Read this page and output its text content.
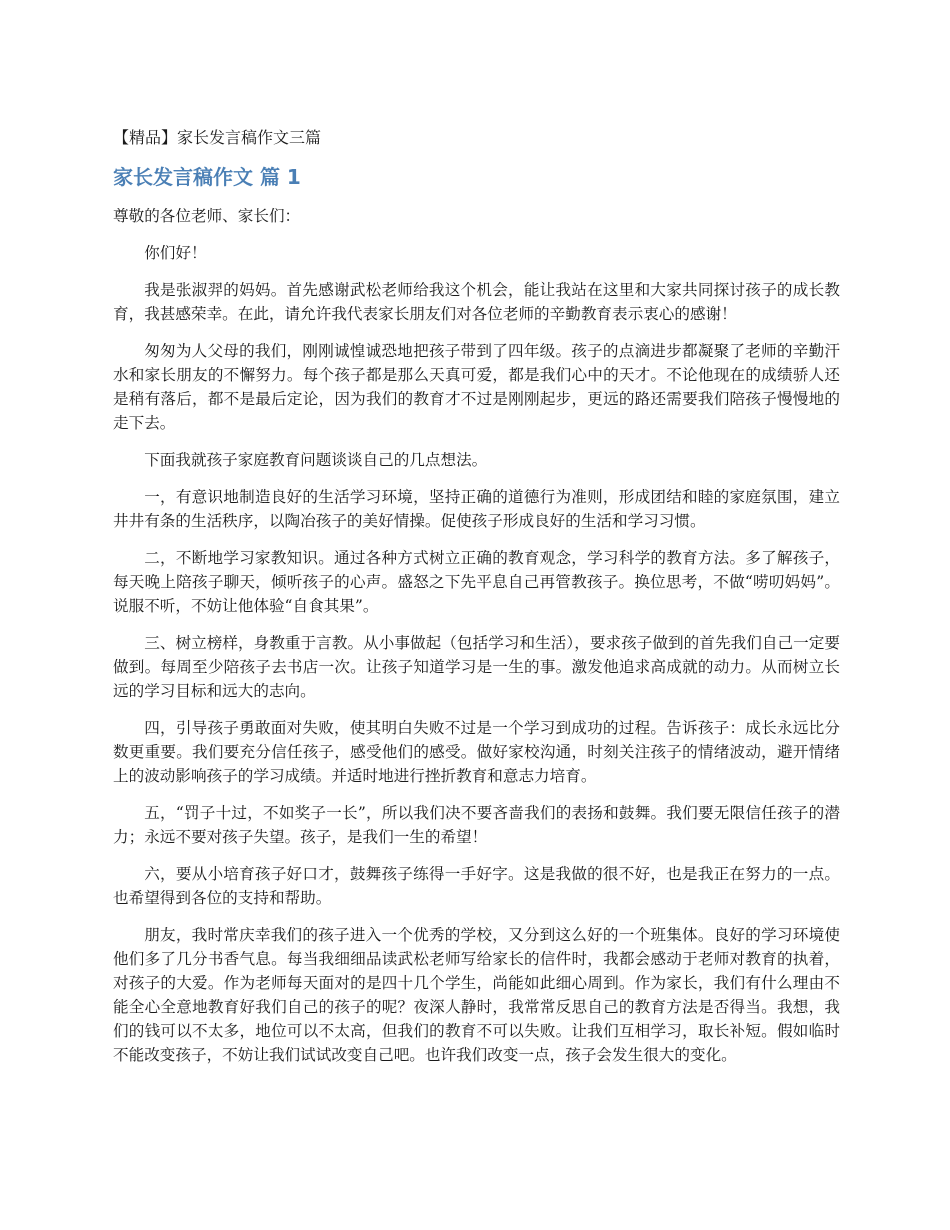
【精品】家长发言稿作文三篇
家长发言稿作文 篇 1

尊敬的各位老师、家长们：

你们好！

我是张淑羿的妈妈。首先感谢武松老师给我这个机会，能让我站在这里和大家共同探讨孩子的成长教育，我甚感荣幸。在此，请允许我代表家长朋友们对各位老师的辛勤教育表示衷心的感谢！

匆匆为人父母的我们，刚刚诚惶诚恐地把孩子带到了四年级。孩子的点滴进步都凝聚了老师的辛勤汗水和家长朋友的不懈努力。每个孩子都是那么天真可爱，都是我们心中的天才。不论他现在的成绩骄人还是稍有落后，都不是最后定论，因为我们的教育才不过是刚刚起步，更远的路还需要我们陪孩子慢慢地的走下去。

下面我就孩子家庭教育问题谈谈自己的几点想法。

一，有意识地制造良好的生活学习环境，坚持正确的道德行为准则，形成团结和睦的家庭氛围，建立井井有条的生活秩序，以陶冶孩子的美好情操。促使孩子形成良好的生活和学习习惯。

二，不断地学习家教知识。通过各种方式树立正确的教育观念，学习科学的教育方法。多了解孩子，每天晚上陪孩子聊天，倾听孩子的心声。盛怒之下先平息自己再管教孩子。换位思考，不做“唠叨妈妈”。说服不听，不妨让他体验“自食其果”。

三、树立榜样，身教重于言教。从小事做起（包括学习和生活），要求孩子做到的首先我们自己一定要做到。每周至少陪孩子去书店一次。让孩子知道学习是一生的事。激发他追求高成就的动力。从而树立长远的学习目标和远大的志向。

四，引导孩子勇敢面对失败，使其明白失败不过是一个学习到成功的过程。告诉孩子：成长永远比分数更重要。我们要充分信任孩子，感受他们的感受。做好家校沟通，时刻关注孩子的情绪波动，避开情绪上的波动影响孩子的学习成绩。并适时地进行挫折教育和意志力培育。

五，“罚子十过，不如奖子一长”，所以我们决不要吝啬我们的表扬和鼓舞。我们要无限信任孩子的潜力；永远不要对孩子失望。孩子，是我们一生的希望！

六，要从小培育孩子好口才，鼓舞孩子练得一手好字。这是我做的很不好，也是我正在努力的一点。也希望得到各位的支持和帮助。

朋友，我时常庆幸我们的孩子进入一个优秀的学校，又分到这么好的一个班集体。良好的学习环境使他们多了几分书香气息。每当我细细品读武松老师写给家长的信件时，我都会感动于老师对教育的执着，对孩子的大爱。作为老师每天面对的是四十几个学生，尚能如此细心周到。作为家长，我们有什么理由不能全心全意地教育好我们自己的孩子的呢？夜深人静时，我常常反思自己的教育方法是否得当。我想，我们的钱可以不太多，地位可以不太高，但我们的教育不可以失败。让我们互相学习，取长补短。假如临时不能改变孩子，不妨让我们试试改变自己吧。也许我们改变一点，孩子会发生很大的变化。
